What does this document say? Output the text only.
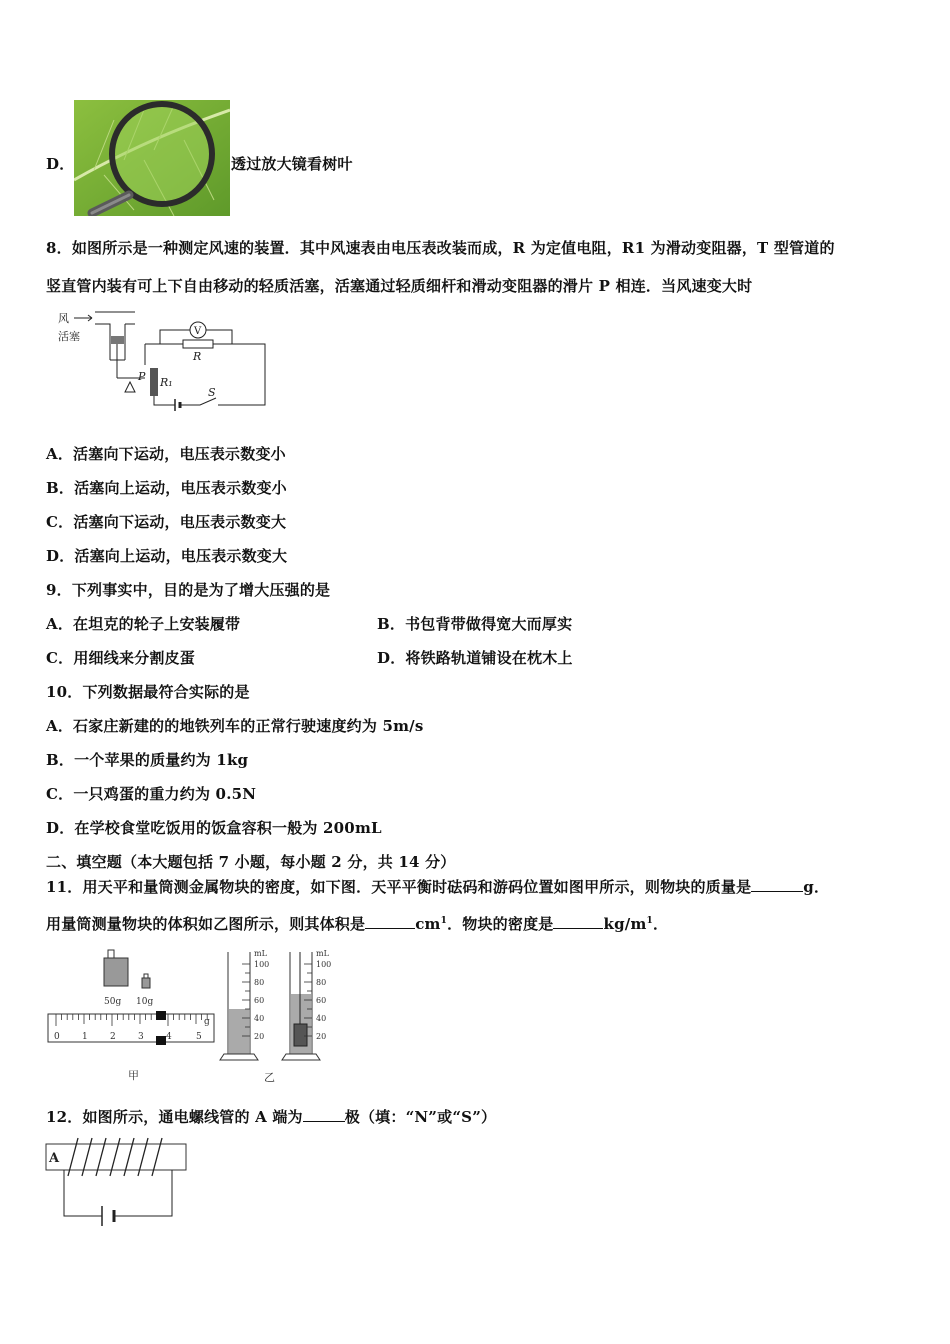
D．	透过放大镜看树叶
8．如图所示是一种测定风速的装置．其中风速表由电压表改装而成，R 为定值电阻，R1 为滑动变阻器，T 型管道的
竖直管内装有可上下自由移动的轻质活塞，活塞通过轻质细杆和滑动变阻器的滑片 P 相连．当风速变大时
风
活塞	V
R
P R₁
S
A．活塞向下运动，电压表示数变小
B．活塞向上运动，电压表示数变小
C．活塞向下运动，电压表示数变大
D．活塞向上运动，电压表示数变大
9．下列事实中，目的是为了增大压强的是
A．在坦克的轮子上安装履带	B．书包背带做得宽大而厚实
C．用细线来分割皮蛋	D．将铁路轨道铺设在枕木上
10．下列数据最符合实际的是
A．石家庄新建的的地铁列车的正常行驶速度约为 5m/s
B．一个苹果的质量约为 1kg
C．一只鸡蛋的重力约为 0.5N
D．在学校食堂吃饭用的饭盒容积一般为 200mL
二、填空题（本大题包括 7 小题，每小题 2 分，共 14 分）
11．用天平和量筒测金属物块的密度，如下图．天平平衡时砝码和游码位置如图甲所示，则物块的质量是	g．
用量筒测量物块的体积如乙图所示，则其体积是	$cm^1$．物块的密度是	$kg/m^1$．
50g 10g
0 1 2 3 4	5
g
甲
mL
100
80
60
40
20
mL
100
80
60
40
20
乙
12．如图所示，通电螺线管的 A 端为	极（填：“N”或“S”）
A
